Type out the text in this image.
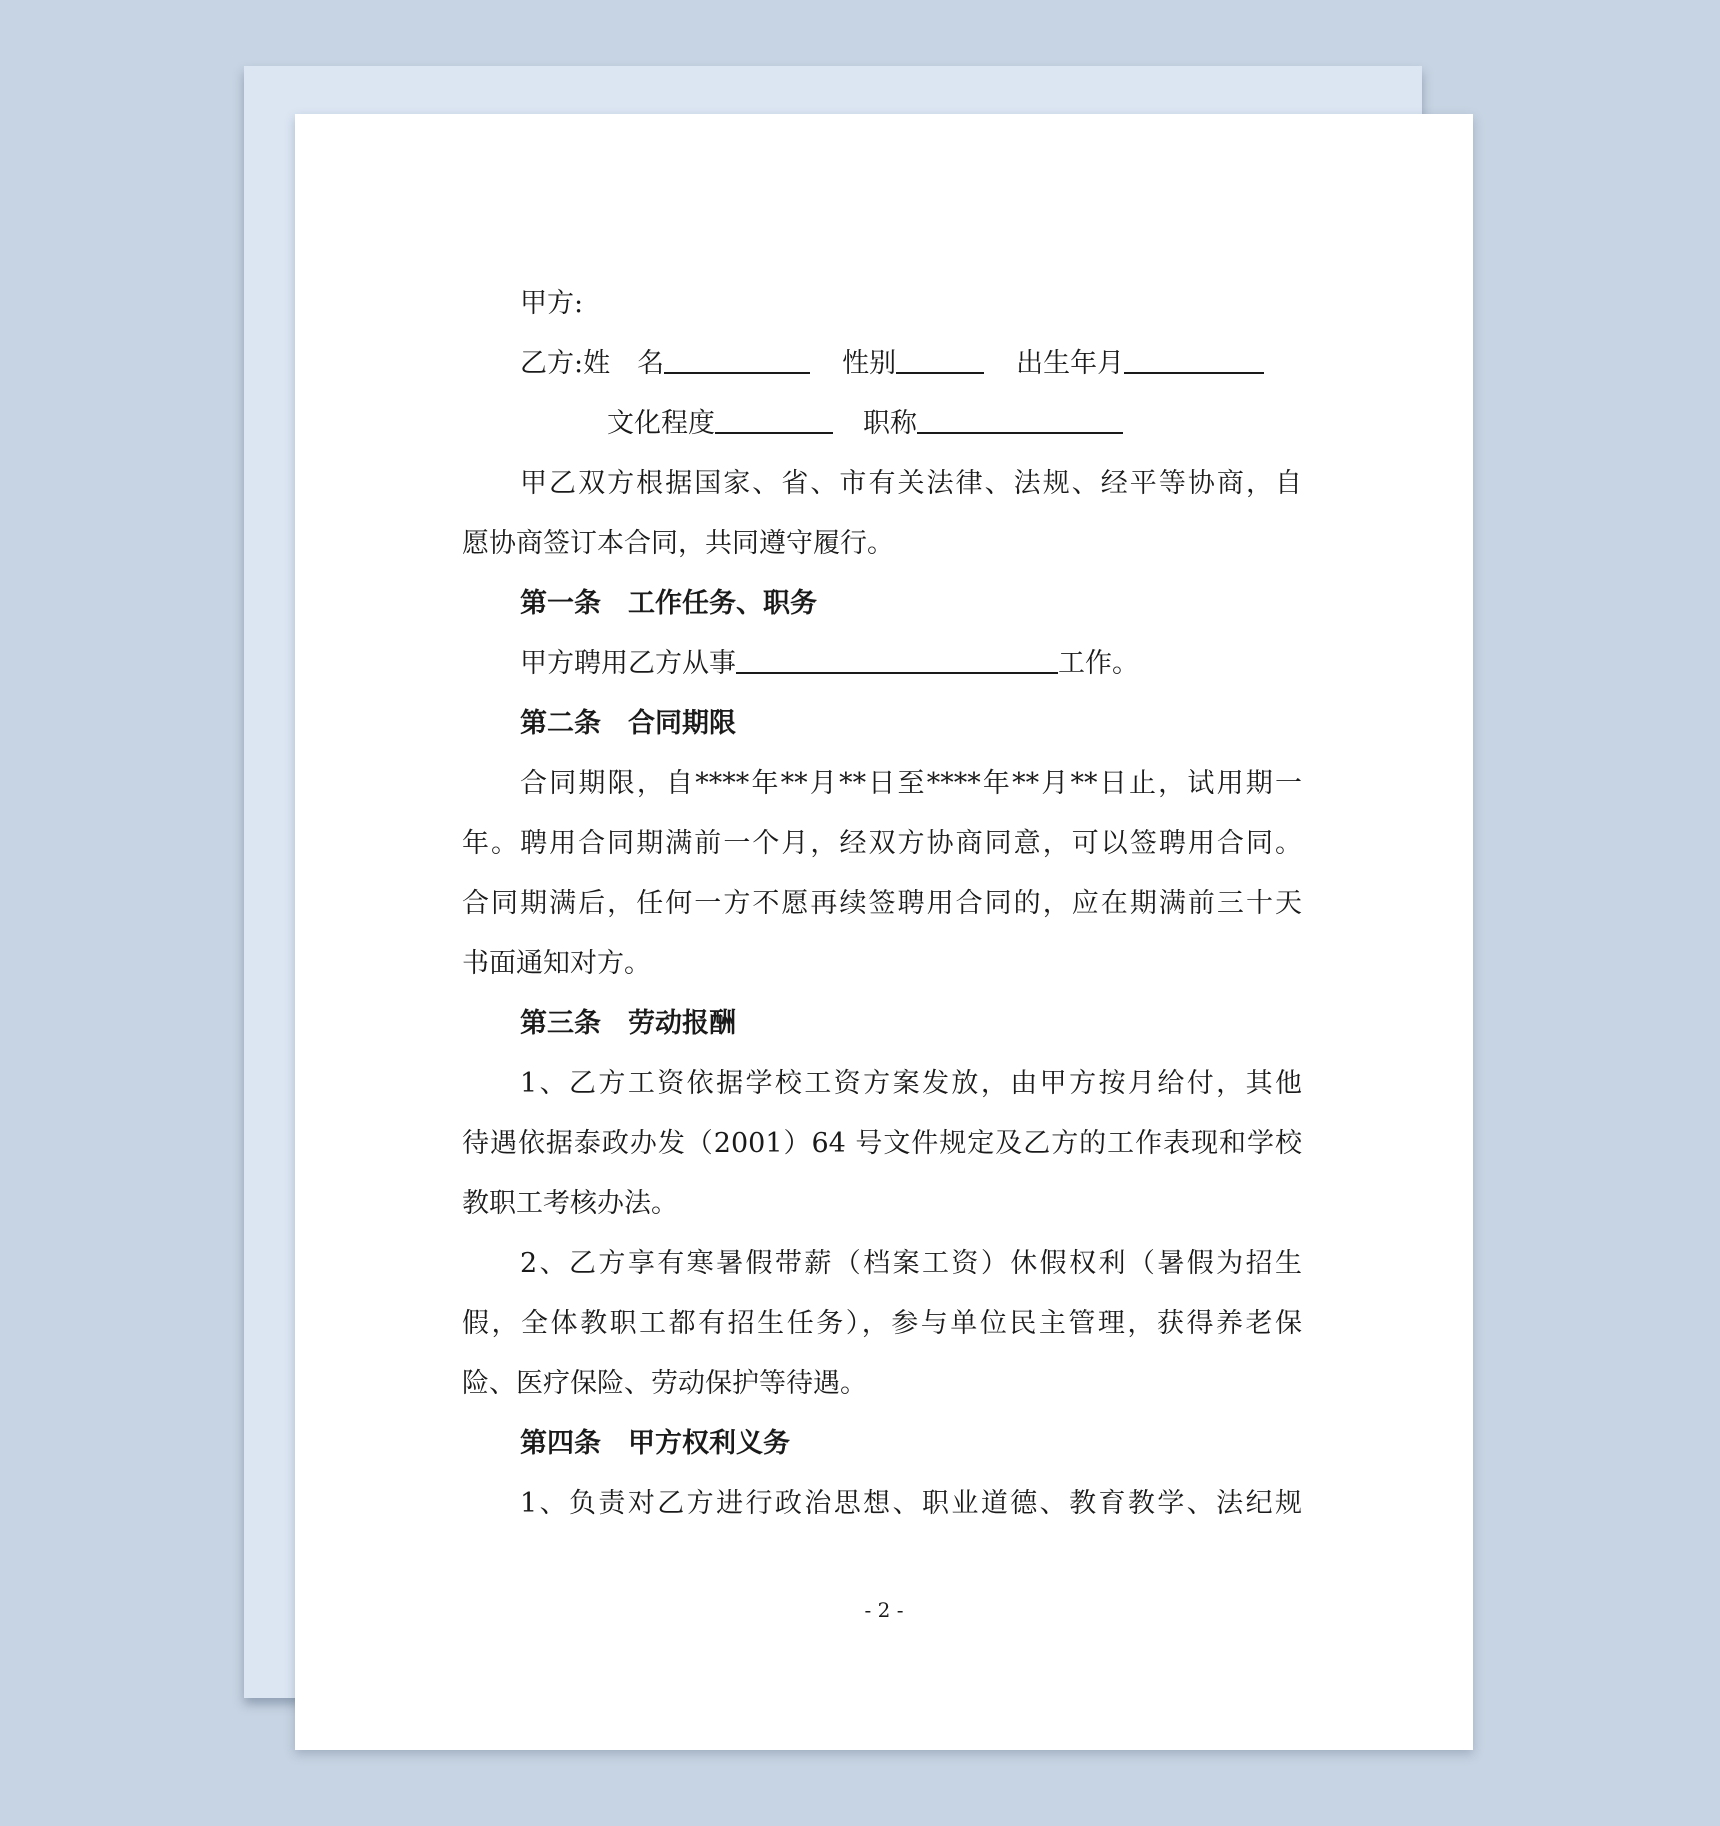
甲方:
乙方:姓　名	性别	出生年月
文化程度	职称
甲乙双方根据国家、省、市有关法律、法规、经平等协商，自
愿协商签订本合同，共同遵守履行。
第一条　工作任务、职务
甲方聘用乙方从事	工作。
第二条　合同期限
合同期限，自****年**月**日至****年**月**日止，试用期一
年。聘用合同期满前一个月，经双方协商同意，可以签聘用合同。
合同期满后，任何一方不愿再续签聘用合同的，应在期满前三十天
书面通知对方。
第三条　劳动报酬
1、乙方工资依据学校工资方案发放，由甲方按月给付，其他
待遇依据泰政办发（2001）64 号文件规定及乙方的工作表现和学校
教职工考核办法。
2、乙方享有寒暑假带薪（档案工资）休假权利（暑假为招生
假，全体教职工都有招生任务），参与单位民主管理，获得养老保
险、医疗保险、劳动保护等待遇。
第四条　甲方权利义务
1、负责对乙方进行政治思想、职业道德、教育教学、法纪规
- 2 -
